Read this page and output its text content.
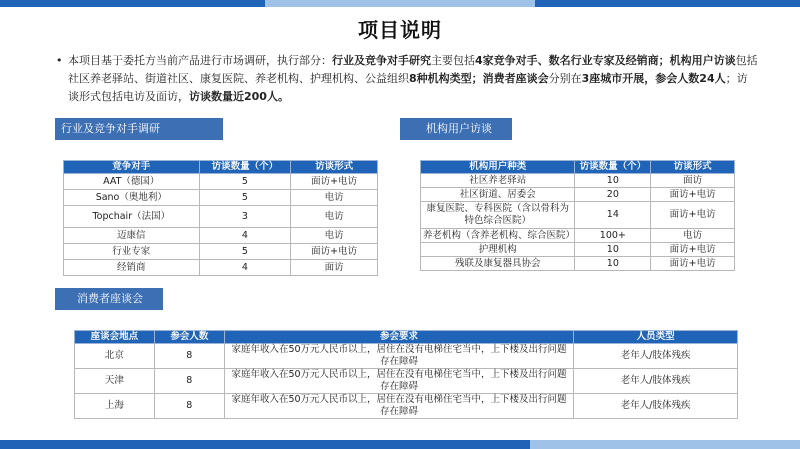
项目说明
• 本项目基于委托方当前产品进行市场调研，执行部分：行业及竞争对手研究主要包括4家竞争对手、数名行业专家及经销商；机构用户访谈包括社区养老驿站、街道社区、康复医院、养老机构、护理机构、公益组织8种机构类型；消费者座谈会分别在3座城市开展，参会人数24人；访谈形式包括电访及面访，访谈数量近200人。
行业及竞争对手调研
竞争对手	访谈数量（个）	访谈形式
AAT（德国）	5	面访+电访
Sano（奥地利）	5	电访
Topchair（法国）	3	电访
迈康信	4	电访
行业专家	5	面访+电访
经销商	4	面访
机构用户访谈
机构用户种类	访谈数量（个）	访谈形式
社区养老驿站	10	面访
社区街道、居委会	20	面访+电访
康复医院、专科医院（含以骨科为特色综合医院）	14	面访+电访
养老机构（含养老机构、综合医院）	100+	电访
护理机构	10	面访+电访
残联及康复器具协会	10	面访+电访
消费者座谈会
座谈会地点	参会人数	参会要求	人员类型
北京	8	家庭年收入在50万元人民币以上，居住在没有电梯住宅当中，上下楼及出行问题存在障碍	老年人/肢体残疾
天津	8	家庭年收入在50万元人民币以上，居住在没有电梯住宅当中，上下楼及出行问题存在障碍	老年人/肢体残疾
上海	8	家庭年收入在50万元人民币以上，居住在没有电梯住宅当中，上下楼及出行问题存在障碍	老年人/肢体残疾
